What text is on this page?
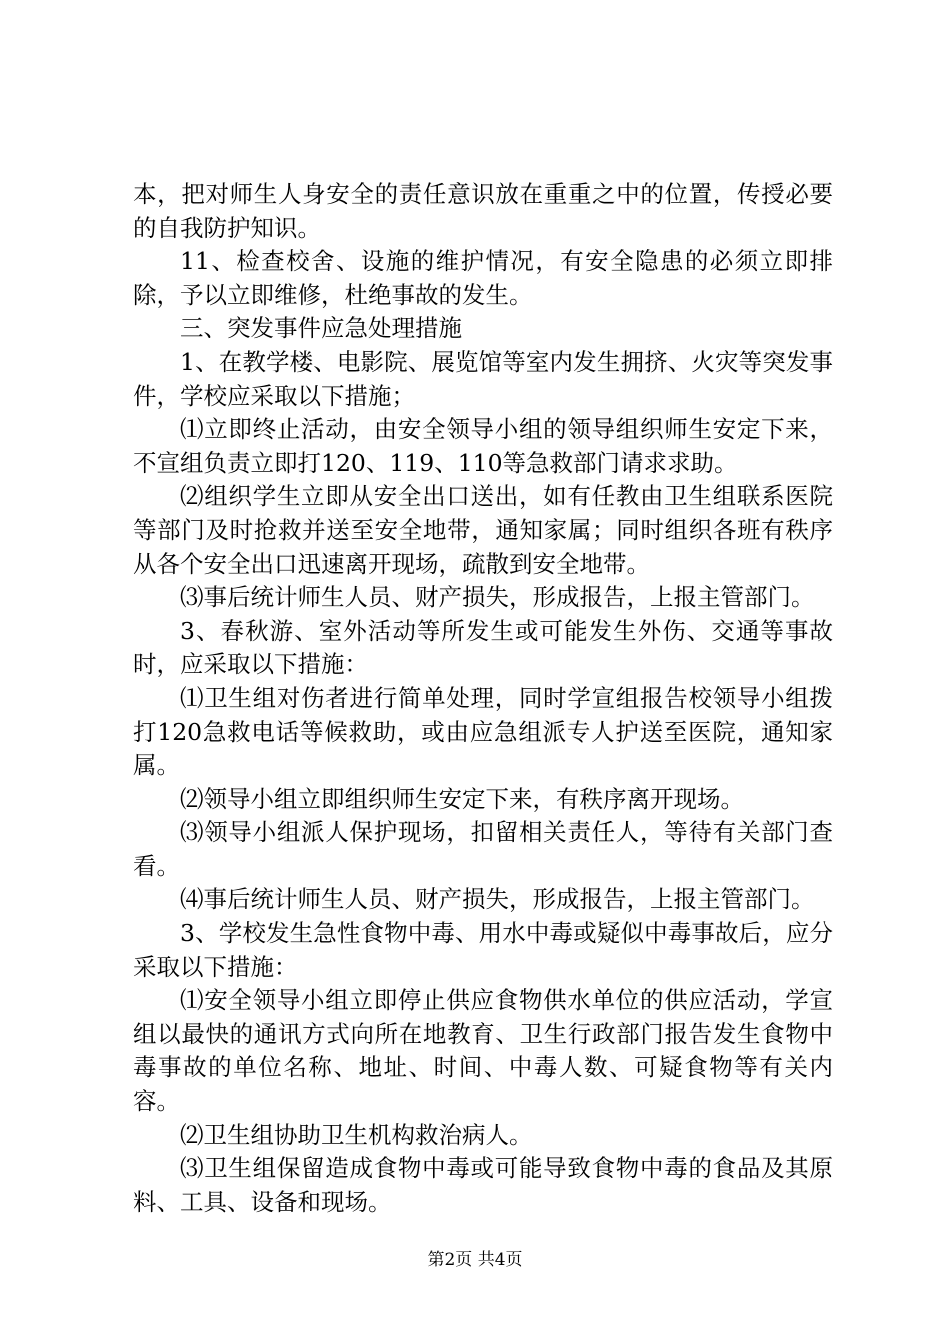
本，把对师生人身安全的责任意识放在重重之中的位置，传授必要的自我防护知识。

11、检查校舍、设施的维护情况，有安全隐患的必须立即排除，予以立即维修，杜绝事故的发生。

三、突发事件应急处理措施

1、在教学楼、电影院、展览馆等室内发生拥挤、火灾等突发事件，学校应采取以下措施；

⑴立即终止活动，由安全领导小组的领导组织师生安定下来，不宣组负责立即打120、119、110等急救部门请求求助。

⑵组织学生立即从安全出口送出，如有任教由卫生组联系医院等部门及时抢救并送至安全地带，通知家属；同时组织各班有秩序从各个安全出口迅速离开现场，疏散到安全地带。

⑶事后统计师生人员、财产损失，形成报告，上报主管部门。

3、春秋游、室外活动等所发生或可能发生外伤、交通等事故时，应采取以下措施：

⑴卫生组对伤者进行简单处理，同时学宣组报告校领导小组拨打120急救电话等候救助，或由应急组派专人护送至医院，通知家属。

⑵领导小组立即组织师生安定下来，有秩序离开现场。

⑶领导小组派人保护现场，扣留相关责任人，等待有关部门查看。

⑷事后统计师生人员、财产损失，形成报告，上报主管部门。

3、学校发生急性食物中毒、用水中毒或疑似中毒事故后，应分采取以下措施：

⑴安全领导小组立即停止供应食物供水单位的供应活动，学宣组以最快的通讯方式向所在地教育、卫生行政部门报告发生食物中毒事故的单位名称、地址、时间、中毒人数、可疑食物等有关内容。

⑵卫生组协助卫生机构救治病人。

⑶卫生组保留造成食物中毒或可能导致食物中毒的食品及其原料、工具、设备和现场。

第2页 共4页
